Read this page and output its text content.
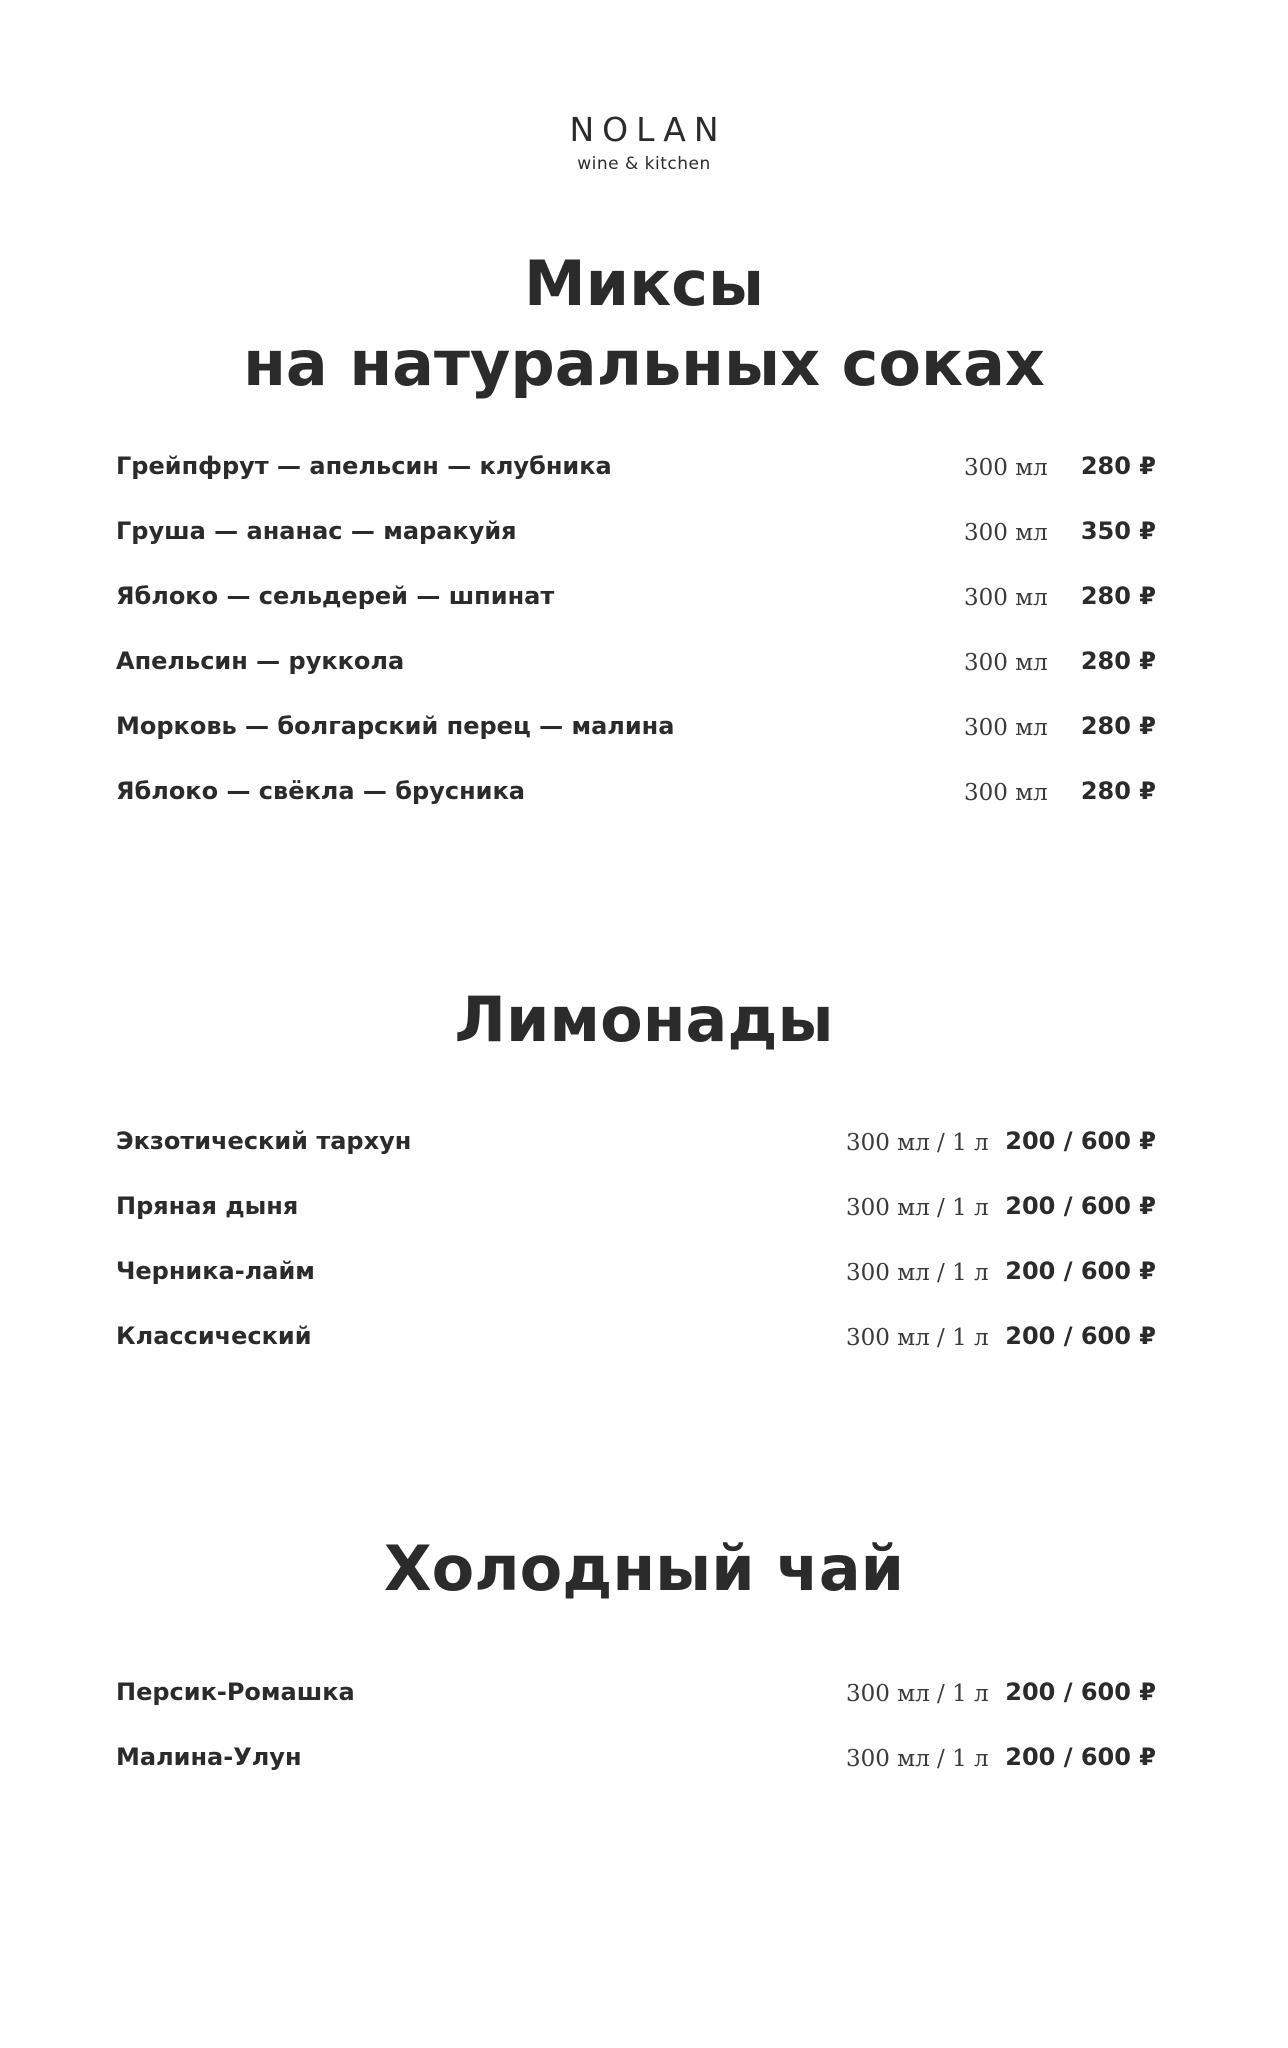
NOLAN
wine & kitchen
Миксы
на натуральных соках
Грейпфрут — апельсин — клубника	300 мл 280 ₽
Груша — ананас — маракуйя	300 мл 350 ₽
Яблоко — сельдерей — шпинат	300 мл 280 ₽
Апельсин — руккола	300 мл 280 ₽
Морковь — болгарский перец — малина	300 мл 280 ₽
Яблоко — свёкла — брусника	300 мл 280 ₽
Лимонады
Экзотический тархун	300 мл / 1 л 200 / 600 ₽
Пряная дыня	300 мл / 1 л 200 / 600 ₽
Черника-лайм	300 мл / 1 л 200 / 600 ₽
Классический	300 мл / 1 л 200 / 600 ₽
Холодный чай
Персик-Ромашка	300 мл / 1 л 200 / 600 ₽
Малина-Улун	300 мл / 1 л 200 / 600 ₽
